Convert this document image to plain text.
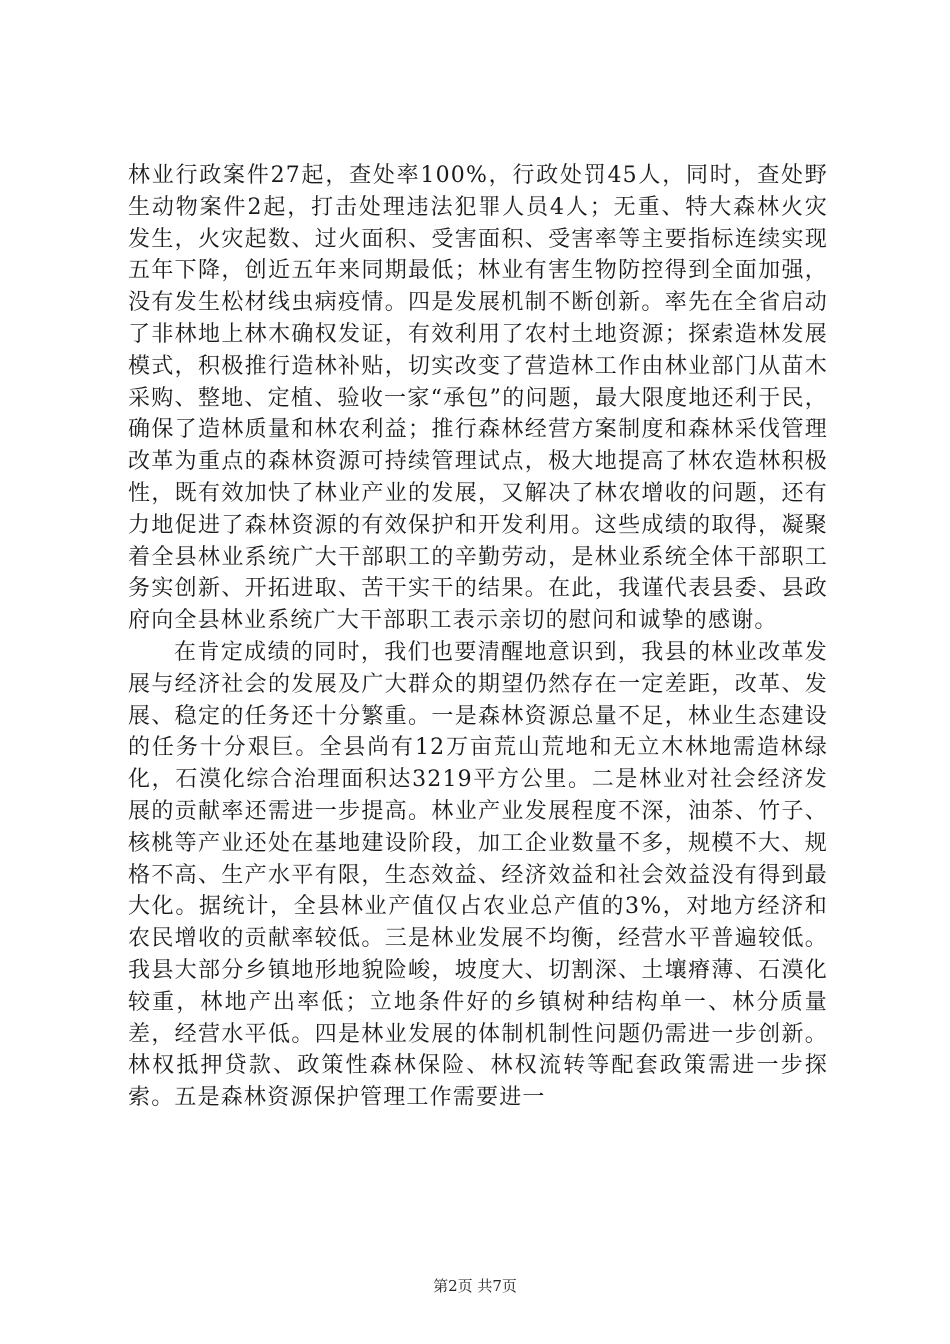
林业行政案件27起，查处率100%，行政处罚45人，同时，查处野生动物案件2起，打击处理违法犯罪人员4人；无重、特大森林火灾发生，火灾起数、过火面积、受害面积、受害率等主要指标连续实现五年下降，创近五年来同期最低；林业有害生物防控得到全面加强，没有发生松材线虫病疫情。四是发展机制不断创新。率先在全省启动了非林地上林木确权发证，有效利用了农村土地资源；探索造林发展模式，积极推行造林补贴，切实改变了营造林工作由林业部门从苗木采购、整地、定植、验收一家“承包”的问题，最大限度地还利于民，确保了造林质量和林农利益；推行森林经营方案制度和森林采伐管理改革为重点的森林资源可持续管理试点，极大地提高了林农造林积极性，既有效加快了林业产业的发展，又解决了林农增收的问题，还有力地促进了森林资源的有效保护和开发利用。这些成绩的取得，凝聚着全县林业系统广大干部职工的辛勤劳动，是林业系统全体干部职工务实创新、开拓进取、苦干实干的结果。在此，我谨代表县委、县政府向全县林业系统广大干部职工表示亲切的慰问和诚挚的感谢。

在肯定成绩的同时，我们也要清醒地意识到，我县的林业改革发展与经济社会的发展及广大群众的期望仍然存在一定差距，改革、发展、稳定的任务还十分繁重。一是森林资源总量不足，林业生态建设的任务十分艰巨。全县尚有12万亩荒山荒地和无立木林地需造林绿化，石漠化综合治理面积达3219平方公里。二是林业对社会经济发展的贡献率还需进一步提高。林业产业发展程度不深，油茶、竹子、核桃等产业还处在基地建设阶段，加工企业数量不多，规模不大、规格不高、生产水平有限，生态效益、经济效益和社会效益没有得到最大化。据统计，全县林业产值仅占农业总产值的3%，对地方经济和农民增收的贡献率较低。三是林业发展不均衡，经营水平普遍较低。我县大部分乡镇地形地貌险峻，坡度大、切割深、土壤瘠薄、石漠化较重，林地产出率低；立地条件好的乡镇树种结构单一、林分质量差，经营水平低。四是林业发展的体制机制性问题仍需进一步创新。林权抵押贷款、政策性森林保险、林权流转等配套政策需进一步探索。五是森林资源保护管理工作需要进一

第2页 共7页
